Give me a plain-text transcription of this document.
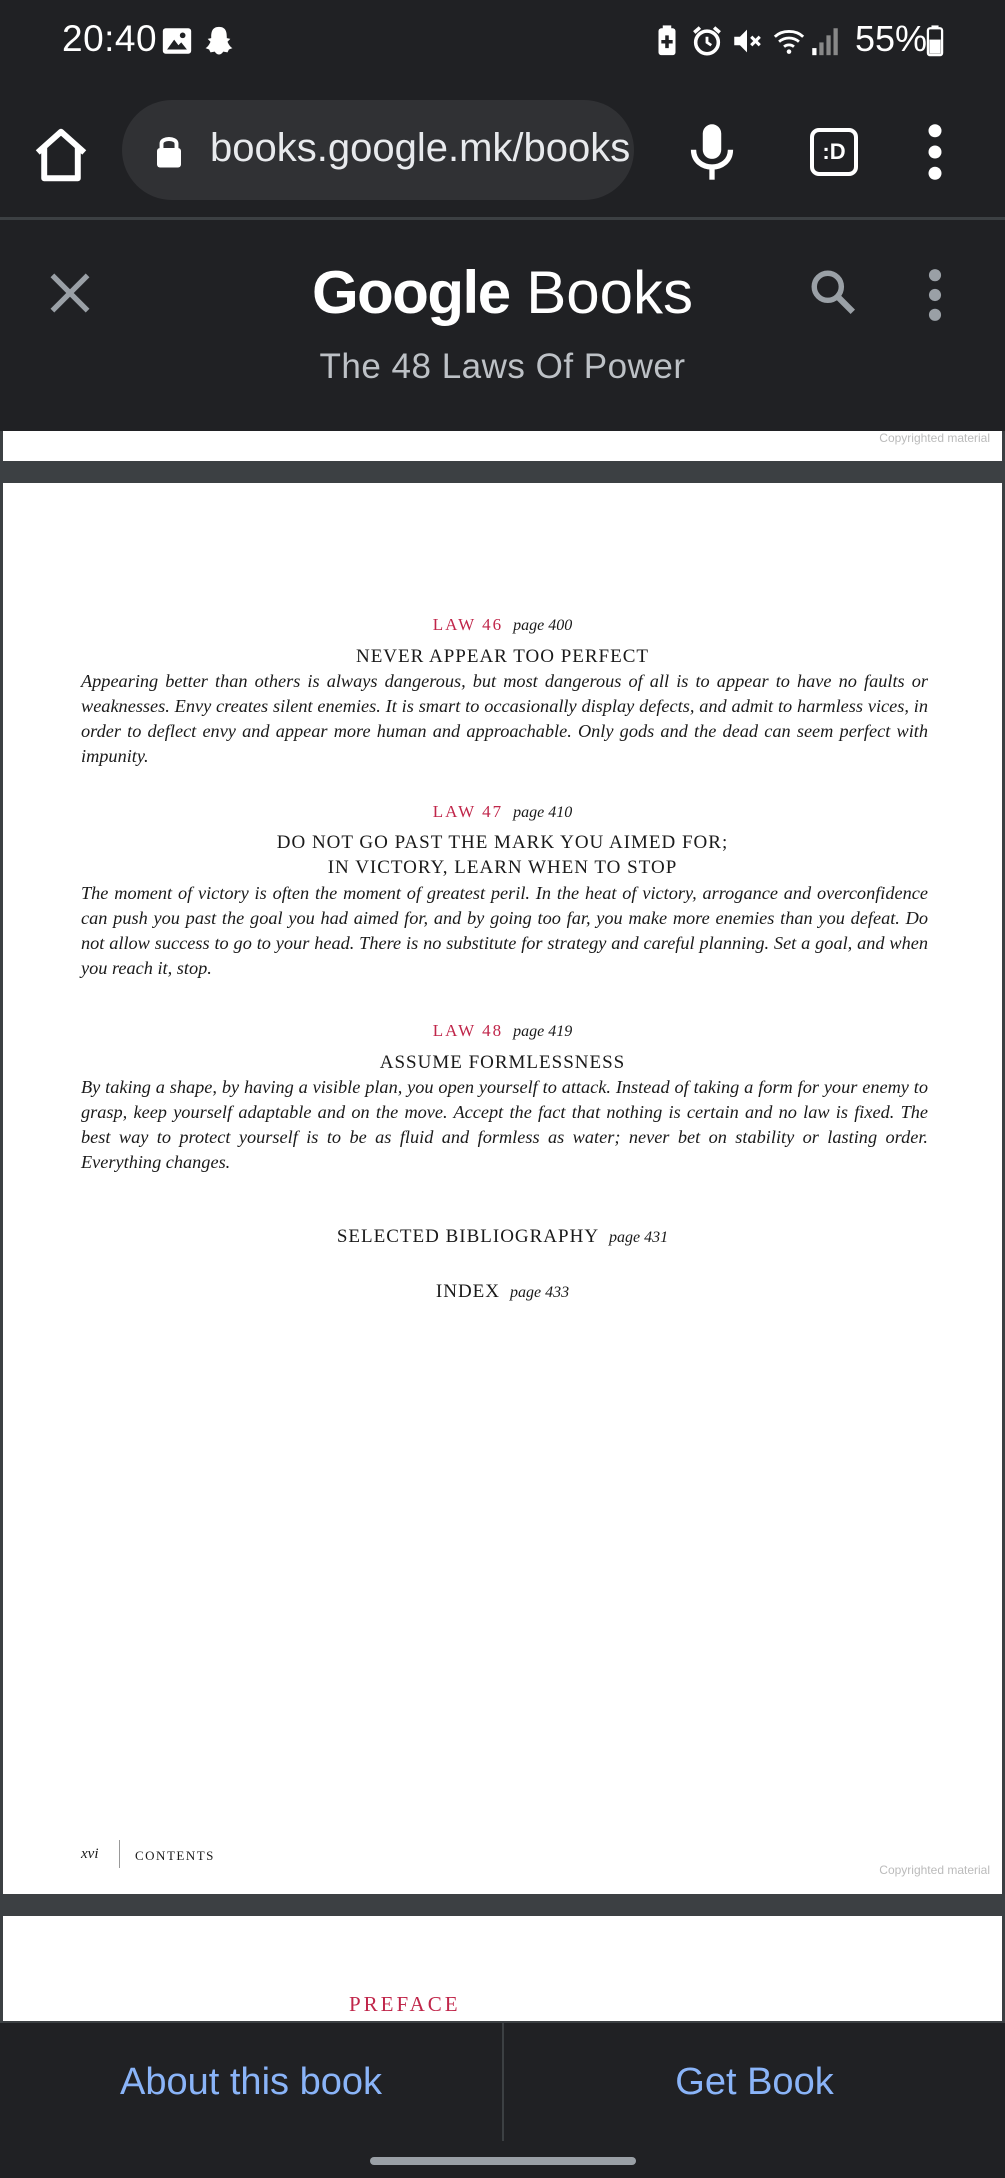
20:40	55%
books.google.mk/books	:D
Google Books
The 48 Laws Of Power
Copyrighted material
LAW 46 page 400
NEVER APPEAR TOO PERFECT
Appearing better than others is always dangerous, but most dangerous of all is to appear to have no faults or weaknesses. Envy creates silent enemies. It is smart to occasionally display defects, and admit to harmless vices, in order to deflect envy and appear more human and approachable. Only gods and the dead can seem perfect with impunity.
LAW 47 page 410
DO NOT GO PAST THE MARK YOU AIMED FOR;
IN VICTORY, LEARN WHEN TO STOP
The moment of victory is often the moment of greatest peril. In the heat of victory, arrogance and overconfidence can push you past the goal you had aimed for, and by going too far, you make more enemies than you defeat. Do not allow success to go to your head. There is no substitute for strategy and careful planning. Set a goal, and when you reach it, stop.
LAW 48 page 419
ASSUME FORMLESSNESS
By taking a shape, by having a visible plan, you open yourself to attack. Instead of taking a form for your enemy to grasp, keep yourself adaptable and on the move. Accept the fact that nothing is certain and no law is fixed. The best way to protect yourself is to be as fluid and formless as water; never bet on stability or lasting order. Everything changes.
SELECTED BIBLIOGRAPHY page 431
INDEX page 433
xvi	CONTENTS
Copyrighted material
PREFACE
About this book	Get Book
